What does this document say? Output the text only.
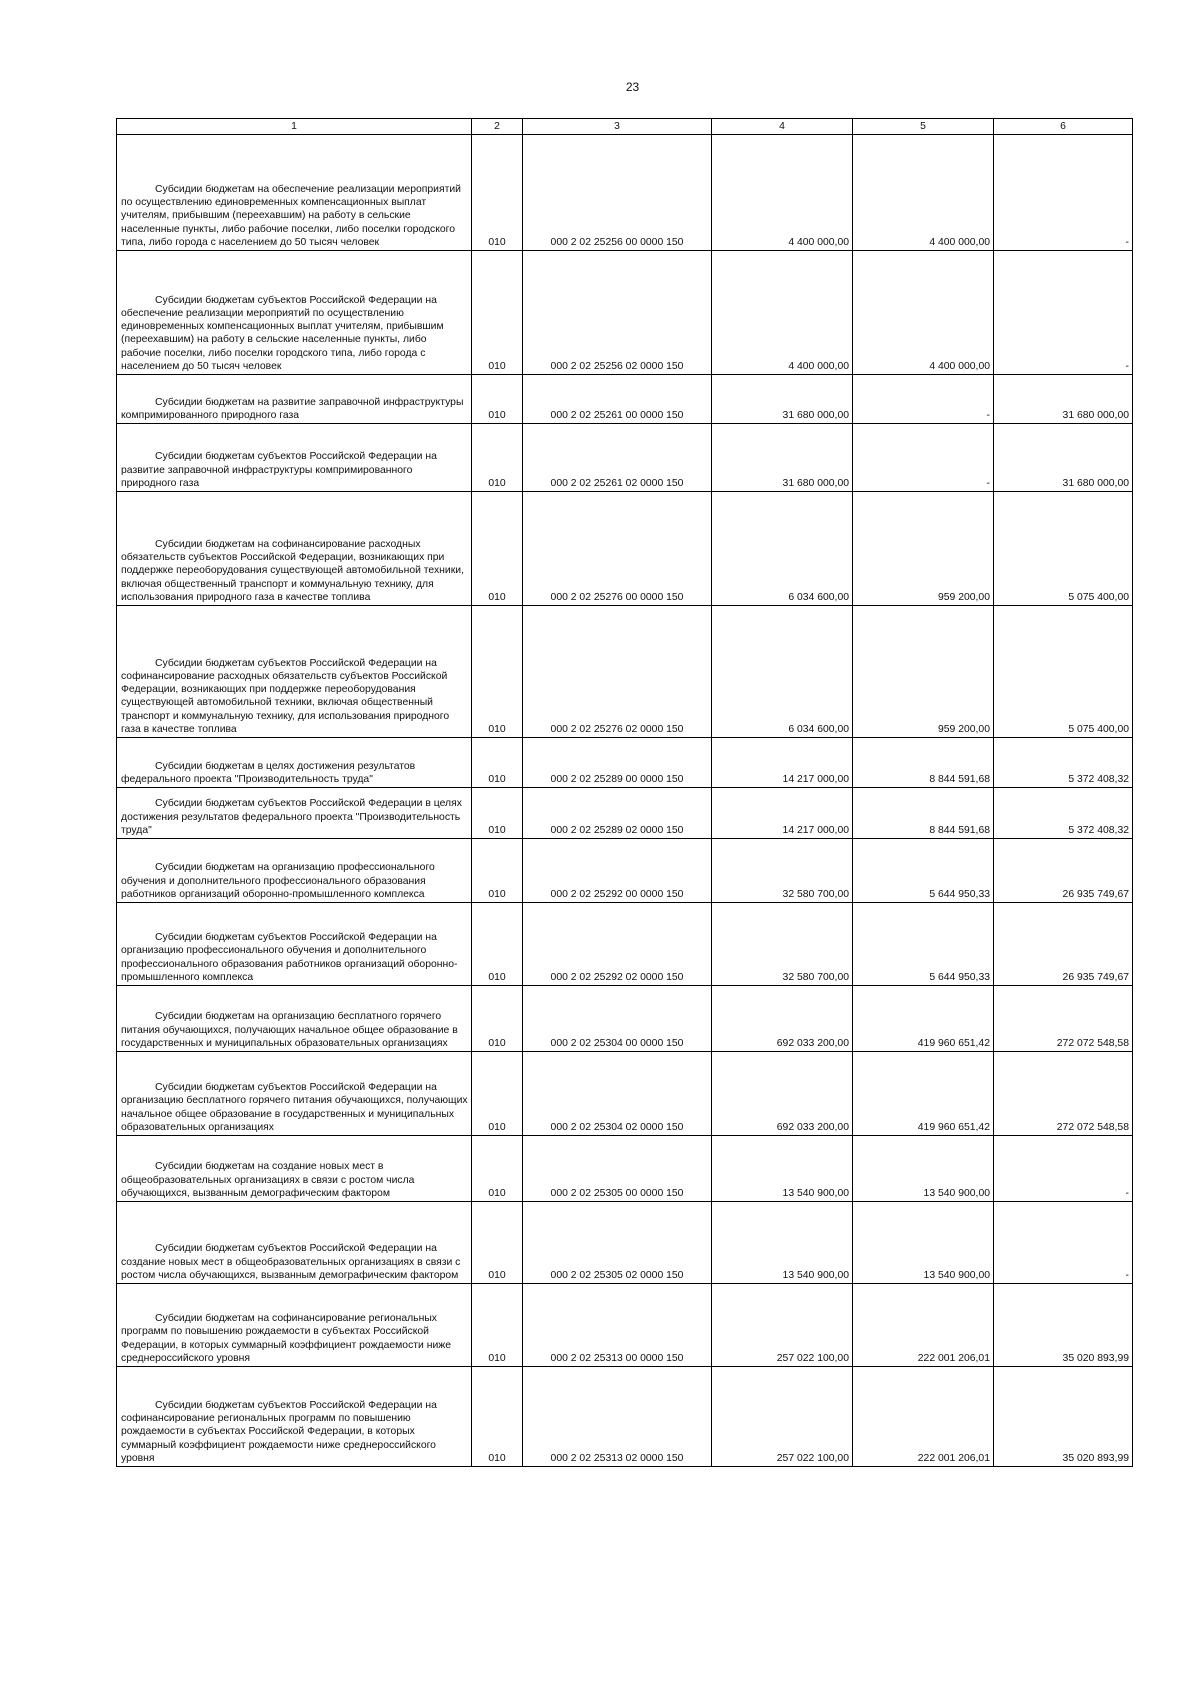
23
1	2	3	4	5	6

Субсидии бюджетам на обеспечение реализации мероприятий по осуществлению единовременных компенсационных выплат учителям, прибывшим (переехавшим) на работу в сельские населенные пункты, либо рабочие поселки, либо поселки городского типа, либо города с населением до 50 тысяч человек	010	000 2 02 25256 00 0000 150	4 400 000,00	4 400 000,00	-

Субсидии бюджетам субъектов Российской Федерации на обеспечение реализации мероприятий по осуществлению единовременных компенсационных выплат учителям, прибывшим (переехавшим) на работу в сельские населенные пункты, либо рабочие поселки, либо поселки городского типа, либо города с населением до 50 тысяч человек	010	000 2 02 25256 02 0000 150	4 400 000,00	4 400 000,00	-

Субсидии бюджетам на развитие заправочной инфраструктуры компримированного природного газа	010	000 2 02 25261 00 0000 150	31 680 000,00	-	31 680 000,00

Субсидии бюджетам субъектов Российской Федерации на развитие заправочной инфраструктуры компримированного природного газа	010	000 2 02 25261 02 0000 150	31 680 000,00	-	31 680 000,00

Субсидии бюджетам на софинансирование расходных обязательств субъектов Российской Федерации, возникающих при поддержке переоборудования существующей автомобильной техники, включая общественный транспорт и коммунальную технику, для использования природного газа в качестве топлива	010	000 2 02 25276 00 0000 150	6 034 600,00	959 200,00	5 075 400,00

Субсидии бюджетам субъектов Российской Федерации на софинансирование расходных обязательств субъектов Российской Федерации, возникающих при поддержке переоборудования существующей автомобильной техники, включая общественный транспорт и коммунальную технику, для использования природного газа в качестве топлива	010	000 2 02 25276 02 0000 150	6 034 600,00	959 200,00	5 075 400,00

Субсидии бюджетам в целях достижения результатов федерального проекта "Производительность труда"	010	000 2 02 25289 00 0000 150	14 217 000,00	8 844 591,68	5 372 408,32

Субсидии бюджетам субъектов Российской Федерации в целях достижения результатов федерального проекта "Производительность труда"	010	000 2 02 25289 02 0000 150	14 217 000,00	8 844 591,68	5 372 408,32

Субсидии бюджетам на организацию профессионального обучения и дополнительного профессионального образования работников организаций оборонно-промышленного комплекса	010	000 2 02 25292 00 0000 150	32 580 700,00	5 644 950,33	26 935 749,67

Субсидии бюджетам субъектов Российской Федерации на организацию профессионального обучения и дополнительного профессионального образования работников организаций оборонно-промышленного комплекса	010	000 2 02 25292 02 0000 150	32 580 700,00	5 644 950,33	26 935 749,67

Субсидии бюджетам на организацию бесплатного горячего питания обучающихся, получающих начальное общее образование в государственных и муниципальных образовательных организациях	010	000 2 02 25304 00 0000 150	692 033 200,00	419 960 651,42	272 072 548,58

Субсидии бюджетам субъектов Российской Федерации на организацию бесплатного горячего питания обучающихся, получающих начальное общее образование в государственных и муниципальных образовательных организациях	010	000 2 02 25304 02 0000 150	692 033 200,00	419 960 651,42	272 072 548,58

Субсидии бюджетам на создание новых мест в общеобразовательных организациях в связи с ростом числа обучающихся, вызванным демографическим фактором	010	000 2 02 25305 00 0000 150	13 540 900,00	13 540 900,00	-

Субсидии бюджетам субъектов Российской Федерации на создание новых мест в общеобразовательных организациях в связи с ростом числа обучающихся, вызванным демографическим фактором	010	000 2 02 25305 02 0000 150	13 540 900,00	13 540 900,00	-

Субсидии бюджетам на софинансирование региональных программ по повышению рождаемости в субъектах Российской Федерации, в которых суммарный коэффициент рождаемости ниже среднероссийского уровня	010	000 2 02 25313 00 0000 150	257 022 100,00	222 001 206,01	35 020 893,99

Субсидии бюджетам субъектов Российской Федерации на софинансирование региональных программ по повышению рождаемости в субъектах Российской Федерации, в которых суммарный коэффициент рождаемости ниже среднероссийского уровня	010	000 2 02 25313 02 0000 150	257 022 100,00	222 001 206,01	35 020 893,99
